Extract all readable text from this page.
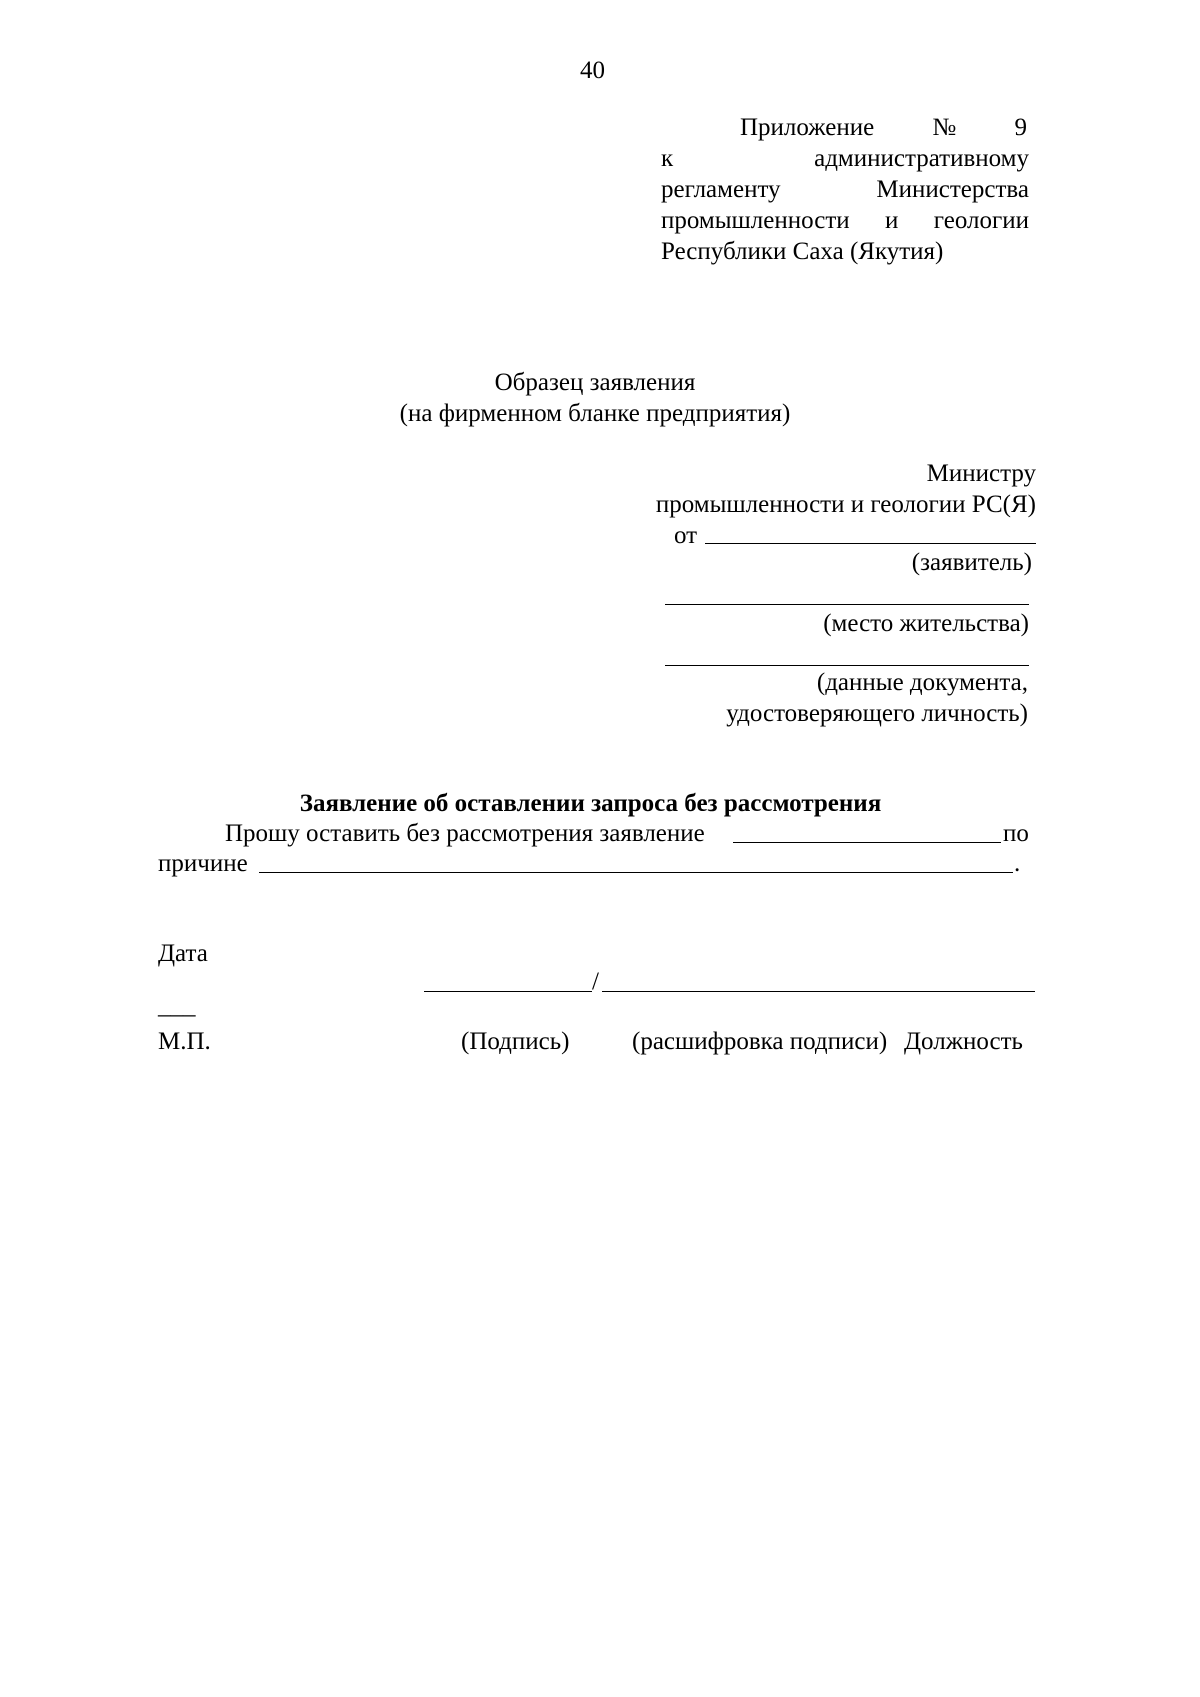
40
Приложение № 9
к	административному
регламенту	Министерства
промышленности и геологии
Республики Саха (Якутия)
Образец заявления
(на фирменном бланке предприятия)
Министру
промышленности и геологии РС(Я)
от
(заявитель)
(место жительства)
(данные документа,
удостоверяющего личность)
Заявление об оставлении запроса без рассмотрения
Прошу оставить без рассмотрения заявление	по
причине	.
Дата
/
___
М.П.	(Подпись)	(расшифровка подписи) Должность
